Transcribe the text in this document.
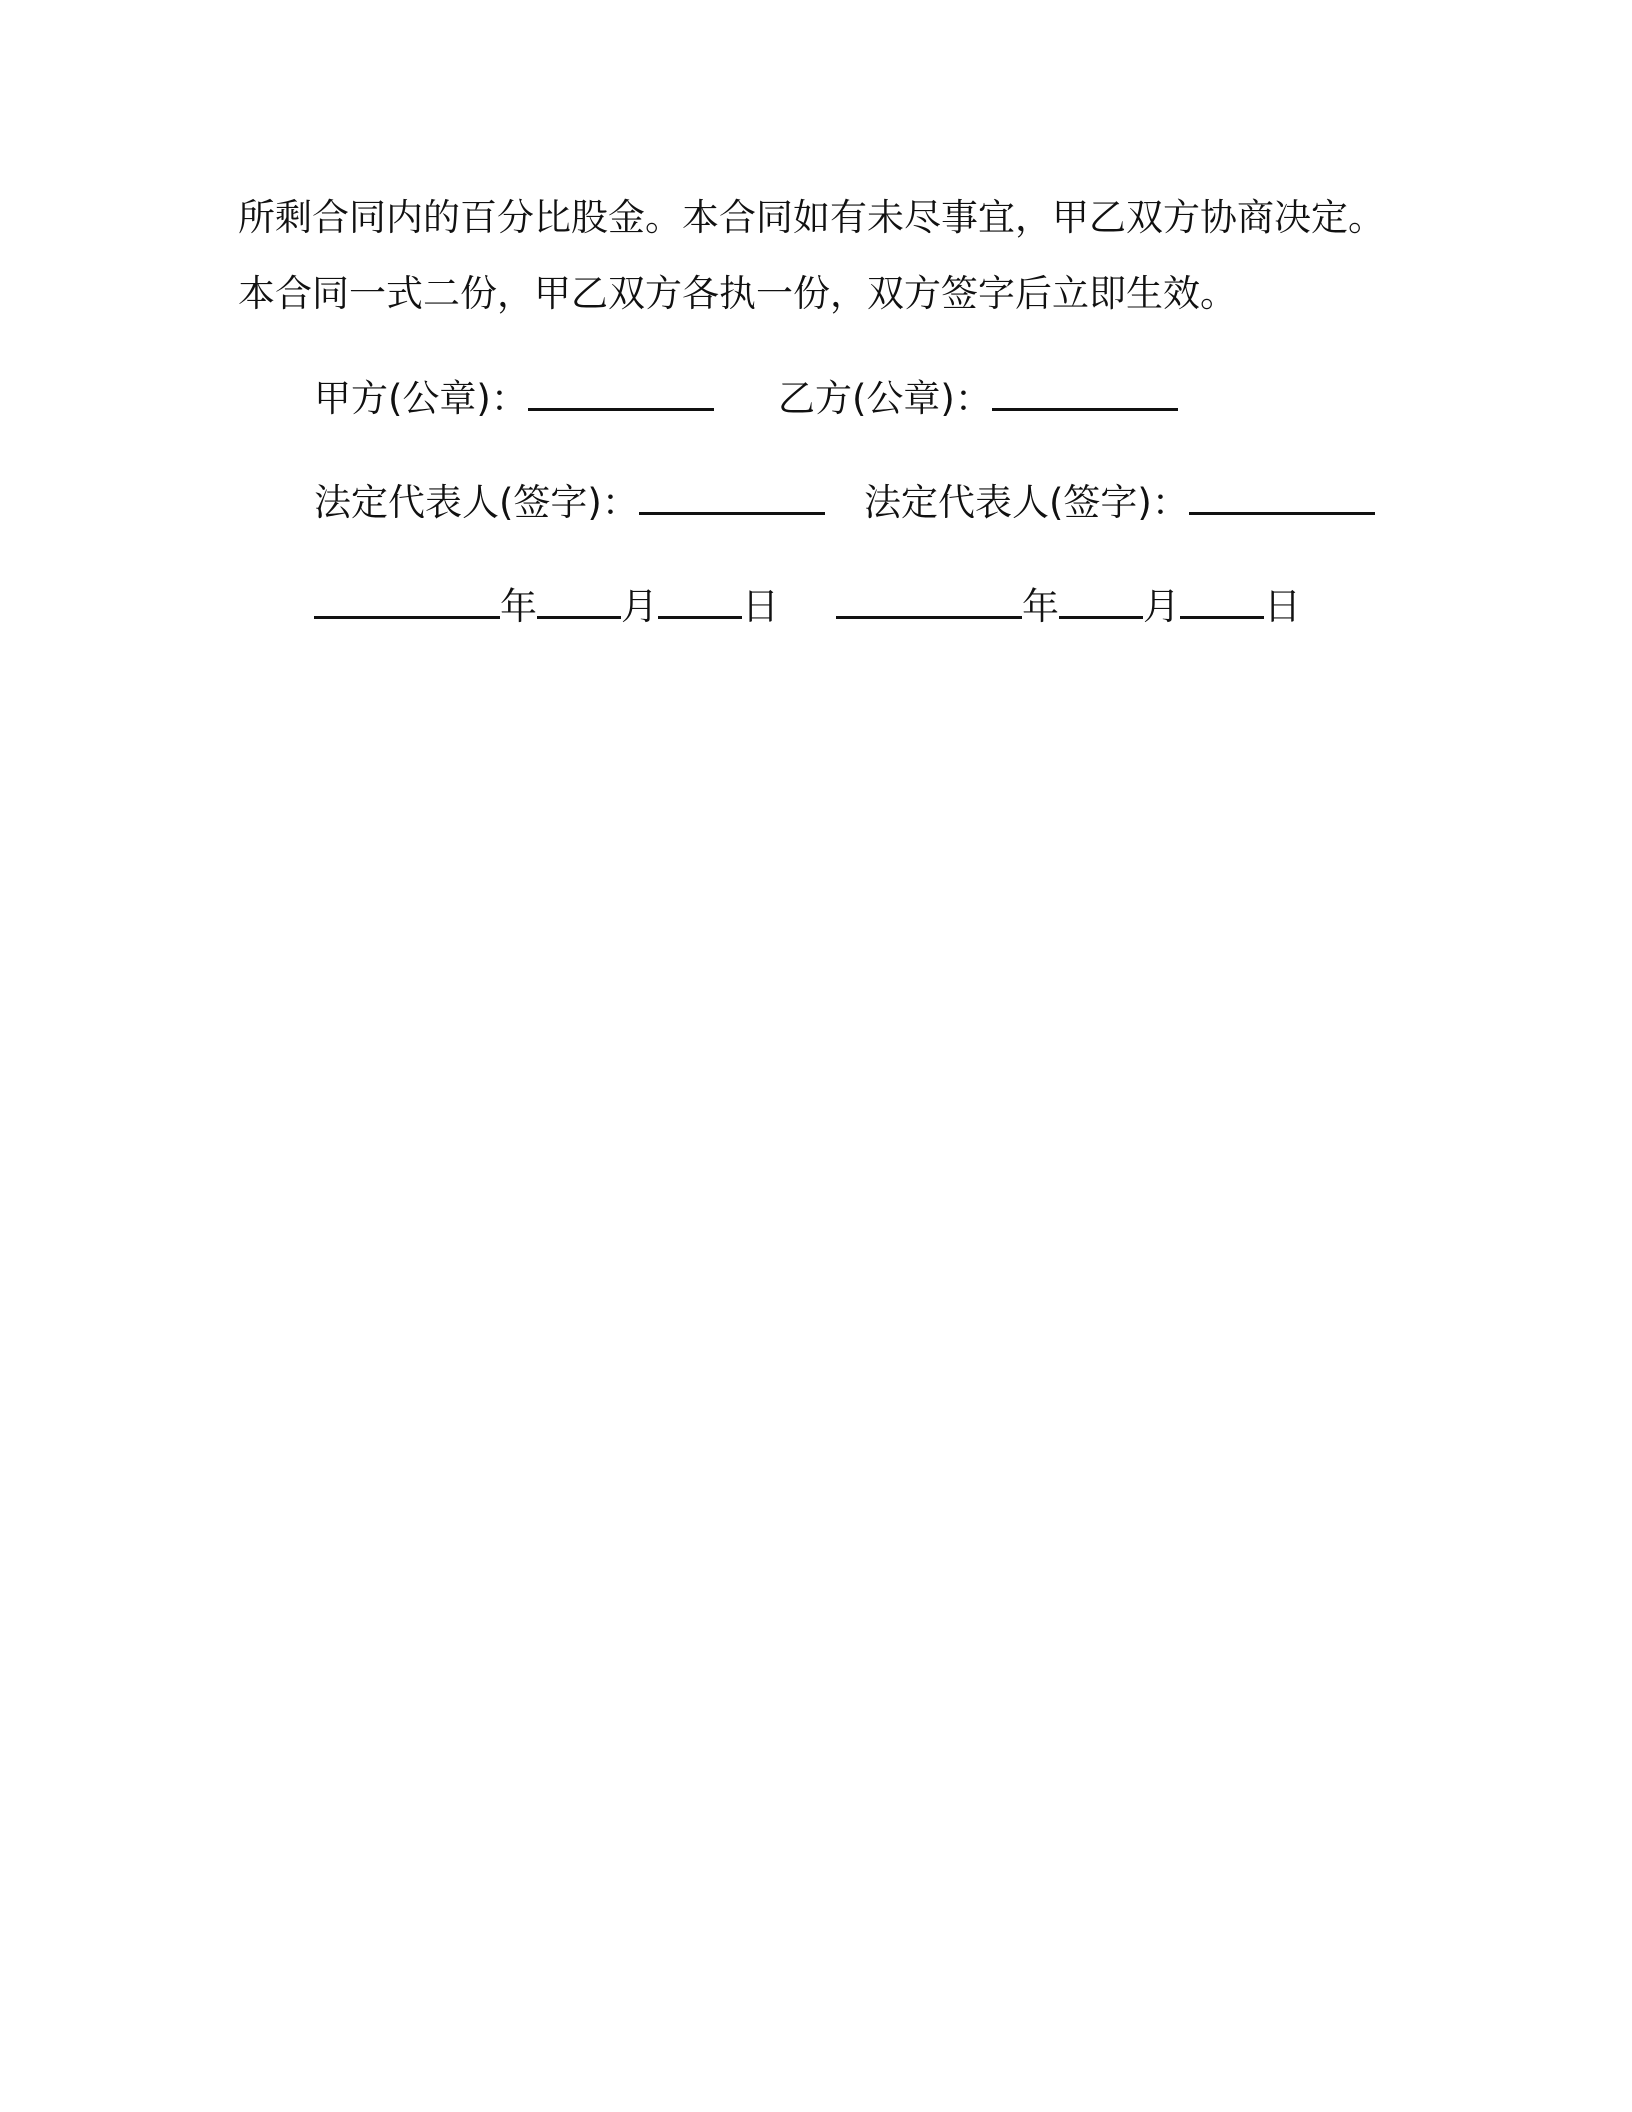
所剩合同内的百分比股金。本合同如有未尽事宜，甲乙双方协商决定。
本合同一式二份，甲乙双方各执一份，双方签字后立即生效。
甲方(公章)：	乙方(公章)：
法定代表人(签字)：	法定代表人(签字)：
年 月 日	年 月 日
